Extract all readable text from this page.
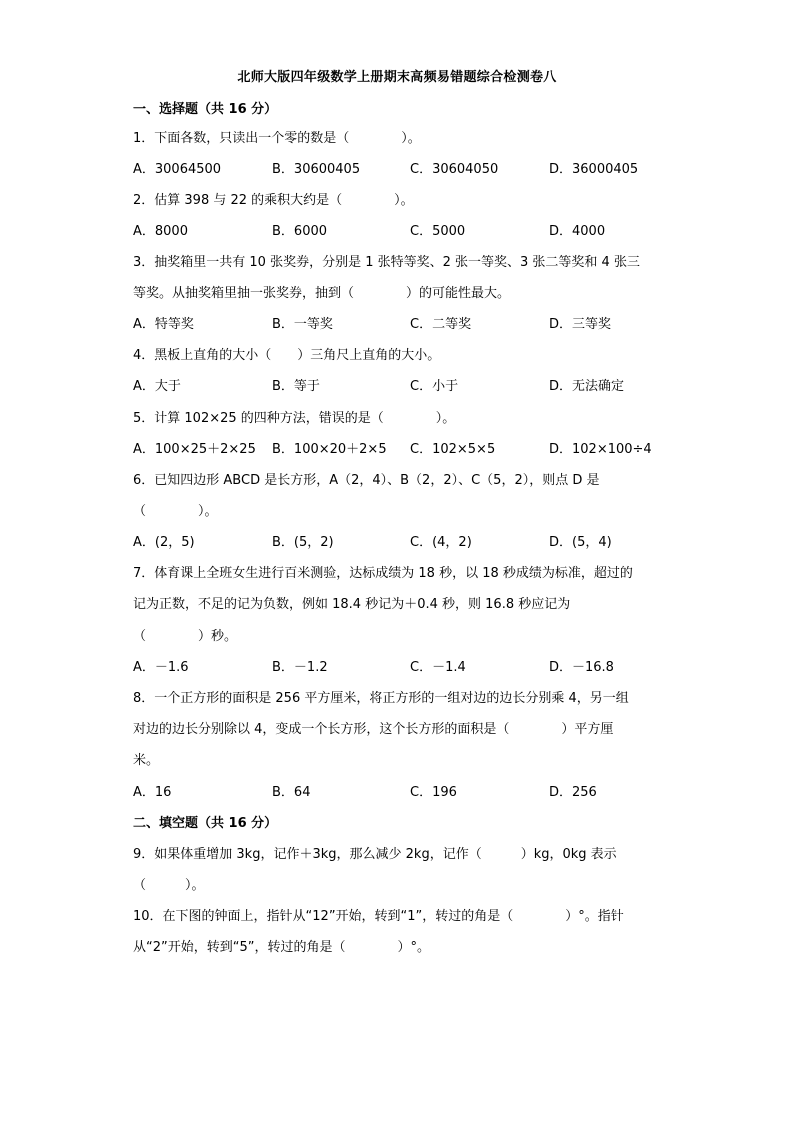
北师大版四年级数学上册期末高频易错题综合检测卷八
一、选择题（共 16 分）
1．下面各数，只读出一个零的数是（　　　　）。
A．30064500	B．30600405	C．30604050	D．36000405
2．估算 398 与 22 的乘积大约是（　　　　）。
A．8000	B．6000	C．5000	D．4000
3．抽奖箱里一共有 10 张奖券，分别是 1 张特等奖、2 张一等奖、3 张二等奖和 4 张三
等奖。从抽奖箱里抽一张奖券，抽到（　　　　）的可能性最大。
A．特等奖	B．一等奖	C．二等奖	D．三等奖
4．黑板上直角的大小（　　）三角尺上直角的大小。
A．大于	B．等于	C．小于	D．无法确定
5．计算 102×25 的四种方法，错误的是（　　　　）。
A．100×25＋2×25 B．100×20＋2×5 C．102×5×5	D．102×100÷4
6．已知四边形 ABCD 是长方形，A（2，4）、B（2，2）、C（5，2），则点 D 是
（　　　　）。
A．(2，5)	B．(5，2)	C．(4，2)	D．(5，4)
7．体育课上全班女生进行百米测验，达标成绩为 18 秒，以 18 秒成绩为标准，超过的
记为正数，不足的记为负数，例如 18.4 秒记为＋0.4 秒，则 16.8 秒应记为
（　　　　）秒。
A．－1.6	B．－1.2	C．－1.4	D．－16.8
8．一个正方形的面积是 256 平方厘米，将正方形的一组对边的边长分别乘 4，另一组
对边的边长分别除以 4，变成一个长方形，这个长方形的面积是（　　　　）平方厘
米。
A．16	B．64	C．196	D．256
二、填空题（共 16 分）
9．如果体重增加 3kg，记作＋3kg，那么减少 2kg，记作（　　　）kg，0kg 表示
（　　　）。
10．在下图的钟面上，指针从“12”开始，转到“1”，转过的角是（　　　　）°。指针
从“2”开始，转到“5”，转过的角是（　　　　）°。
